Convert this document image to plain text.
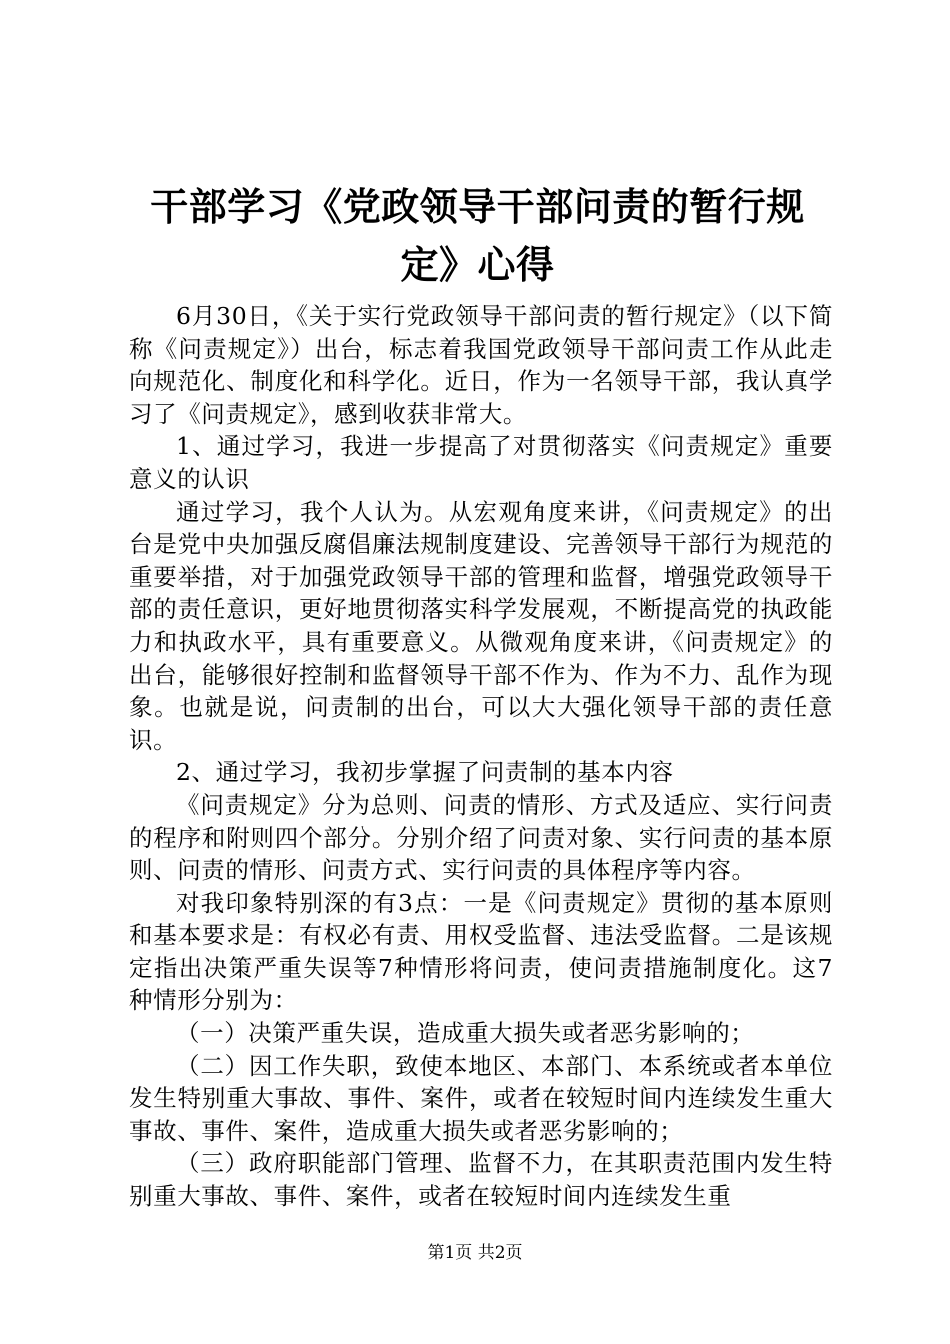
干部学习《党政领导干部问责的暂行规定》心得

6月30日，《关于实行党政领导干部问责的暂行规定》（以下简称《问责规定》）出台，标志着我国党政领导干部问责工作从此走向规范化、制度化和科学化。近日，作为一名领导干部，我认真学习了《问责规定》，感到收获非常大。

1、通过学习，我进一步提高了对贯彻落实《问责规定》重要意义的认识

通过学习，我个人认为。从宏观角度来讲，《问责规定》的出台是党中央加强反腐倡廉法规制度建设、完善领导干部行为规范的重要举措，对于加强党政领导干部的管理和监督，增强党政领导干部的责任意识，更好地贯彻落实科学发展观，不断提高党的执政能力和执政水平，具有重要意义。从微观角度来讲，《问责规定》的出台，能够很好控制和监督领导干部不作为、作为不力、乱作为现象。也就是说，问责制的出台，可以大大强化领导干部的责任意识。

2、通过学习，我初步掌握了问责制的基本内容

《问责规定》分为总则、问责的情形、方式及适应、实行问责的程序和附则四个部分。分别介绍了问责对象、实行问责的基本原则、问责的情形、问责方式、实行问责的具体程序等内容。

对我印象特别深的有3点：一是《问责规定》贯彻的基本原则和基本要求是：有权必有责、用权受监督、违法受监督。二是该规定指出决策严重失误等7种情形将问责，使问责措施制度化。这7种情形分别为：

（一）决策严重失误，造成重大损失或者恶劣影响的；

（二）因工作失职，致使本地区、本部门、本系统或者本单位发生特别重大事故、事件、案件，或者在较短时间内连续发生重大事故、事件、案件，造成重大损失或者恶劣影响的；

（三）政府职能部门管理、监督不力，在其职责范围内发生特别重大事故、事件、案件，或者在较短时间内连续发生重

第1页 共2页
